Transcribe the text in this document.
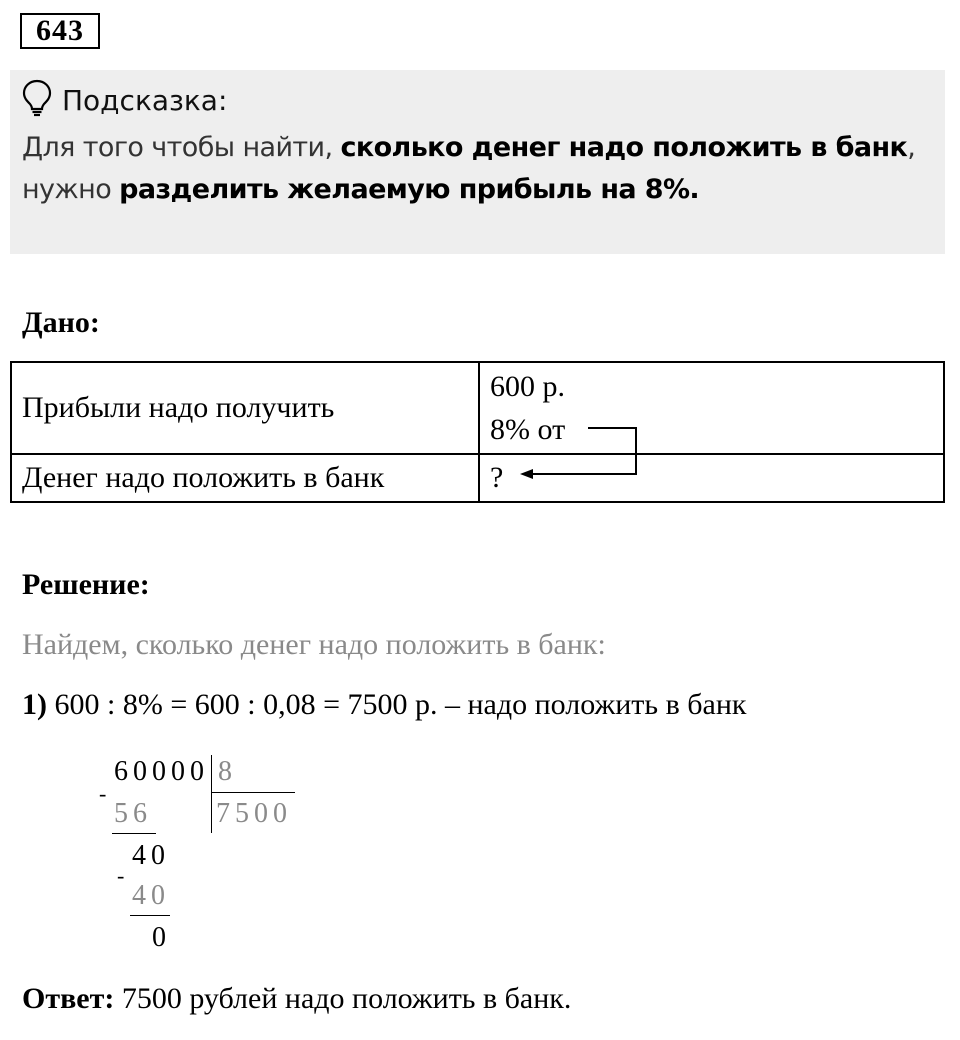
643
Подсказка:
Для того чтобы найти, сколько денег надо положить в банк,
нужно разделить желаемую прибыль на 8%.
Дано:
Прибыли надо получить	600 р.
8% от

Денег надо положить в банк	?
Решение:
Найдем, сколько денег надо положить в банк:
1) 600 : 8% = 600 : 0,08 = 7500 р. – надо положить в банк
60000 8
7500
-
56
40
-
40
0
Ответ: 7500 рублей надо положить в банк.
